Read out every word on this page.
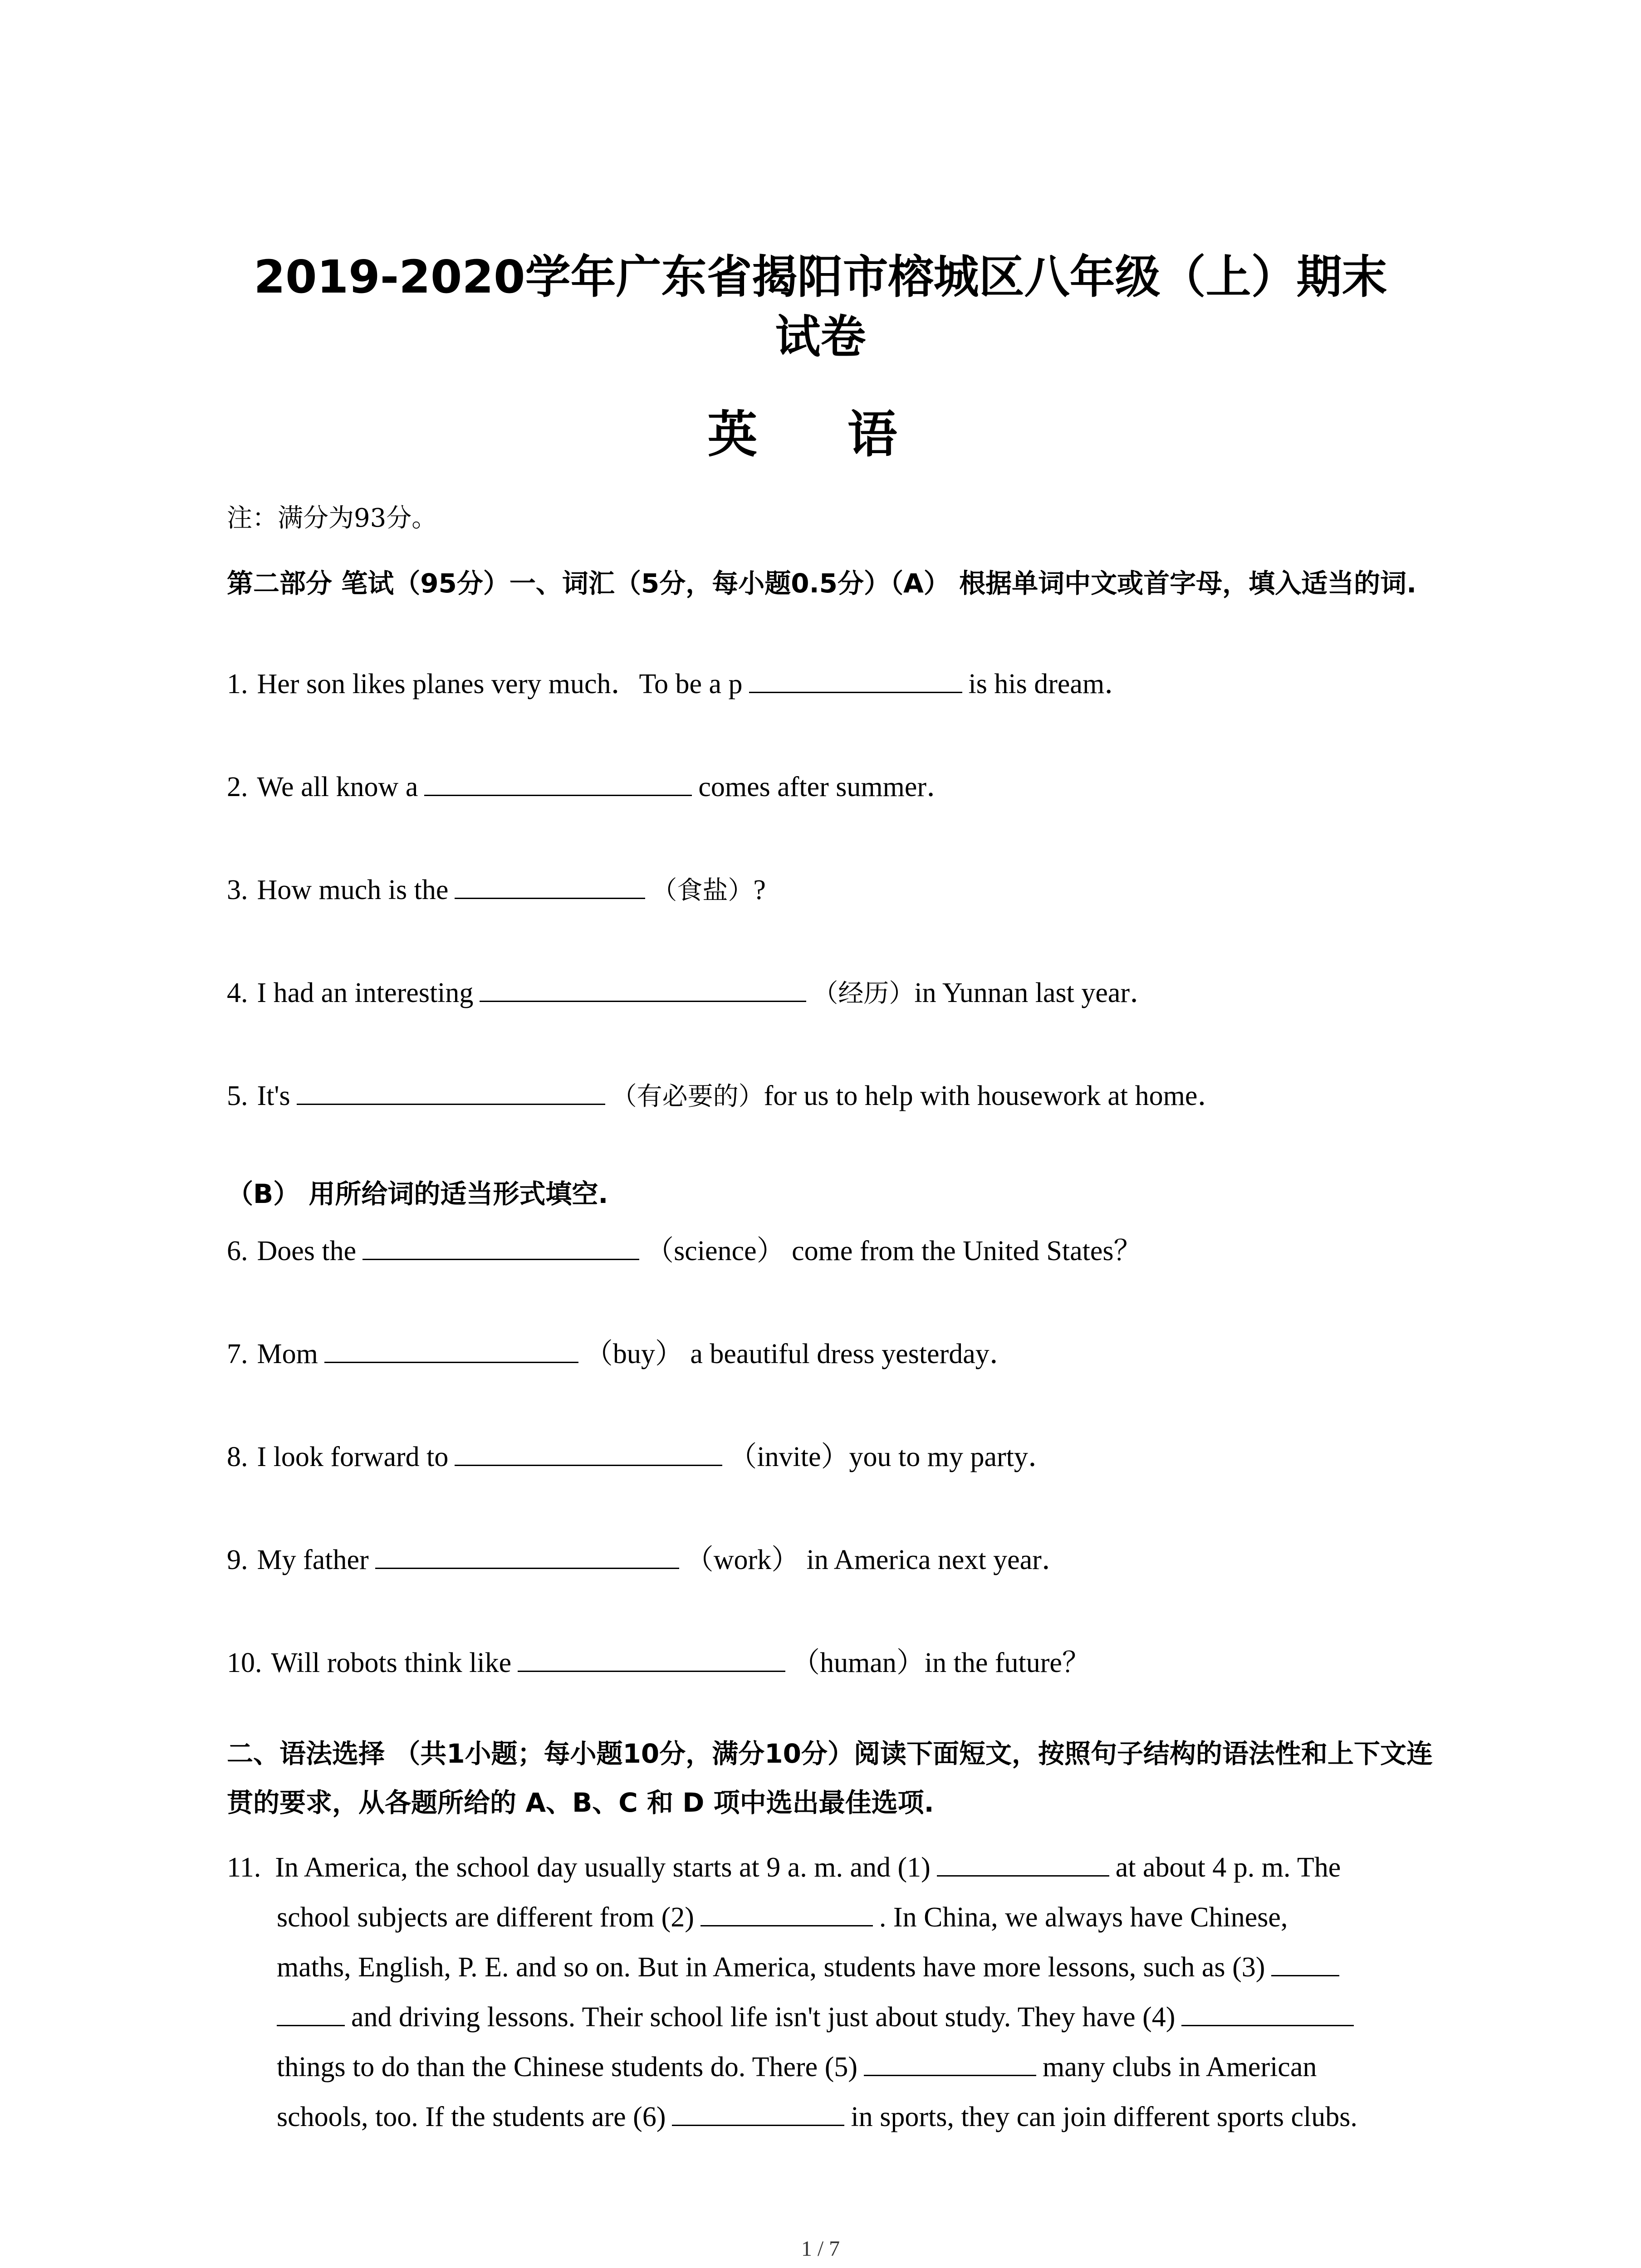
2019-2020学年广东省揭阳市榕城区八年级（上）期末
试卷
英 语
注：满分为93分。
第二部分 笔试（95分）一、词汇（5分，每小题0.5分）（A） 根据单词中文或首字母，填入适当的词.
1. Her son likes planes very much．To be a p	is his dream．
2. We all know a	comes after summer．
3. How much is the	（食盐）?
4. I had an interesting	（经历）in Yunnan last year．
5. It's	（有必要的）for us to help with housework at home．
（B） 用所给词的适当形式填空.
6. Does the	（science） come from the United States？
7. Mom	（buy） a beautiful dress yesterday．
8. I look forward to	（invite）you to my party．
9. My father	（work） in America next year．
10. Will robots think like	（human）in the future？
二、语法选择 （共1小题；每小题10分，满分10分）阅读下面短文，按照句子结构的语法性和上下文连贯的要求，从各题所给的 A、B、C 和 D 项中选出最佳选项.
11. In America, the school day usually starts at 9 a. m. and (1)	at about 4 p. m. The
school subjects are different from (2)	. In China, we always have Chinese,
maths, English, P. E. and so on. But in America, students have more lessons, such as (3)
and driving lessons. Their school life isn't just about study. They have (4)
things to do than the Chinese students do. There (5)	many clubs in American
schools, too. If the students are (6)	in sports, they can join different sports clubs.
1 / 7
